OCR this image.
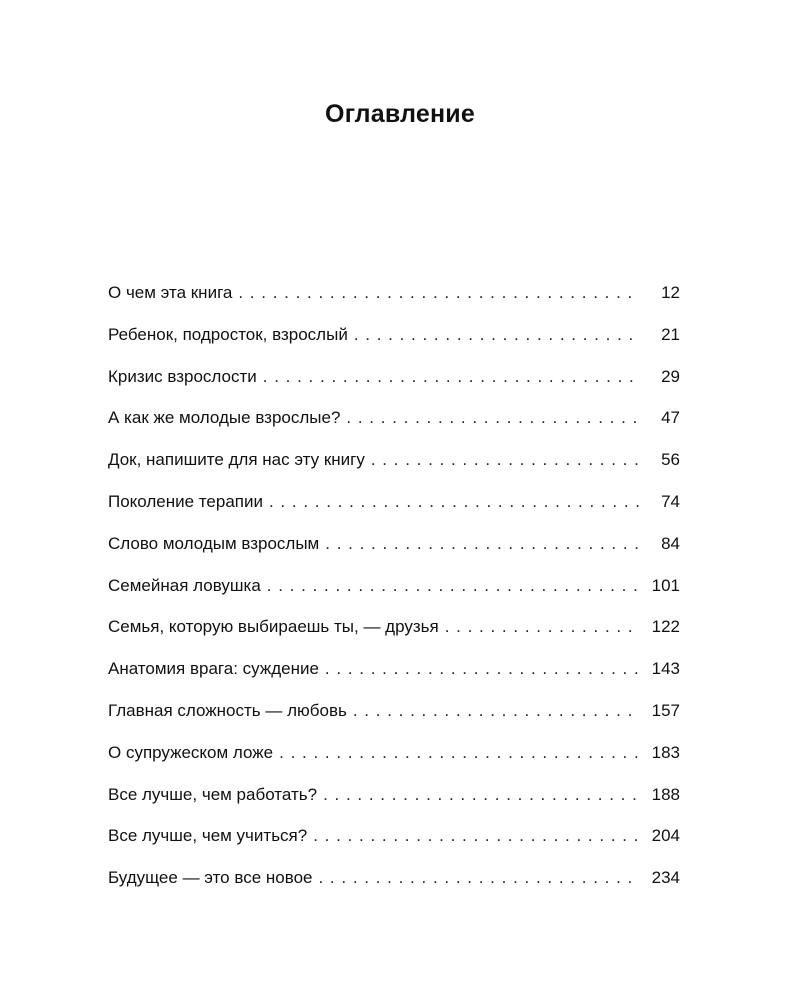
Оглавление
О чем эта книга . . .	12
Ребенок, подросток, взрослый . . .	21
Кризис взрослости . . .	29
А как же молодые взрослые? . . .	47
Док, напишите для нас эту книгу . . .	56
Поколение терапии . . .	74
Слово молодым взрослым . . .	84
Семейная ловушка . . .	101
Семья, которую выбираешь ты, — друзья . . .	122
Анатомия врага: суждение . . .	143
Главная сложность — любовь . . .	157
О супружеском ложе . . .	183
Все лучше, чем работать? . . .	188
Все лучше, чем учиться? . . .	204
Будущее — это все новое . . .	234
